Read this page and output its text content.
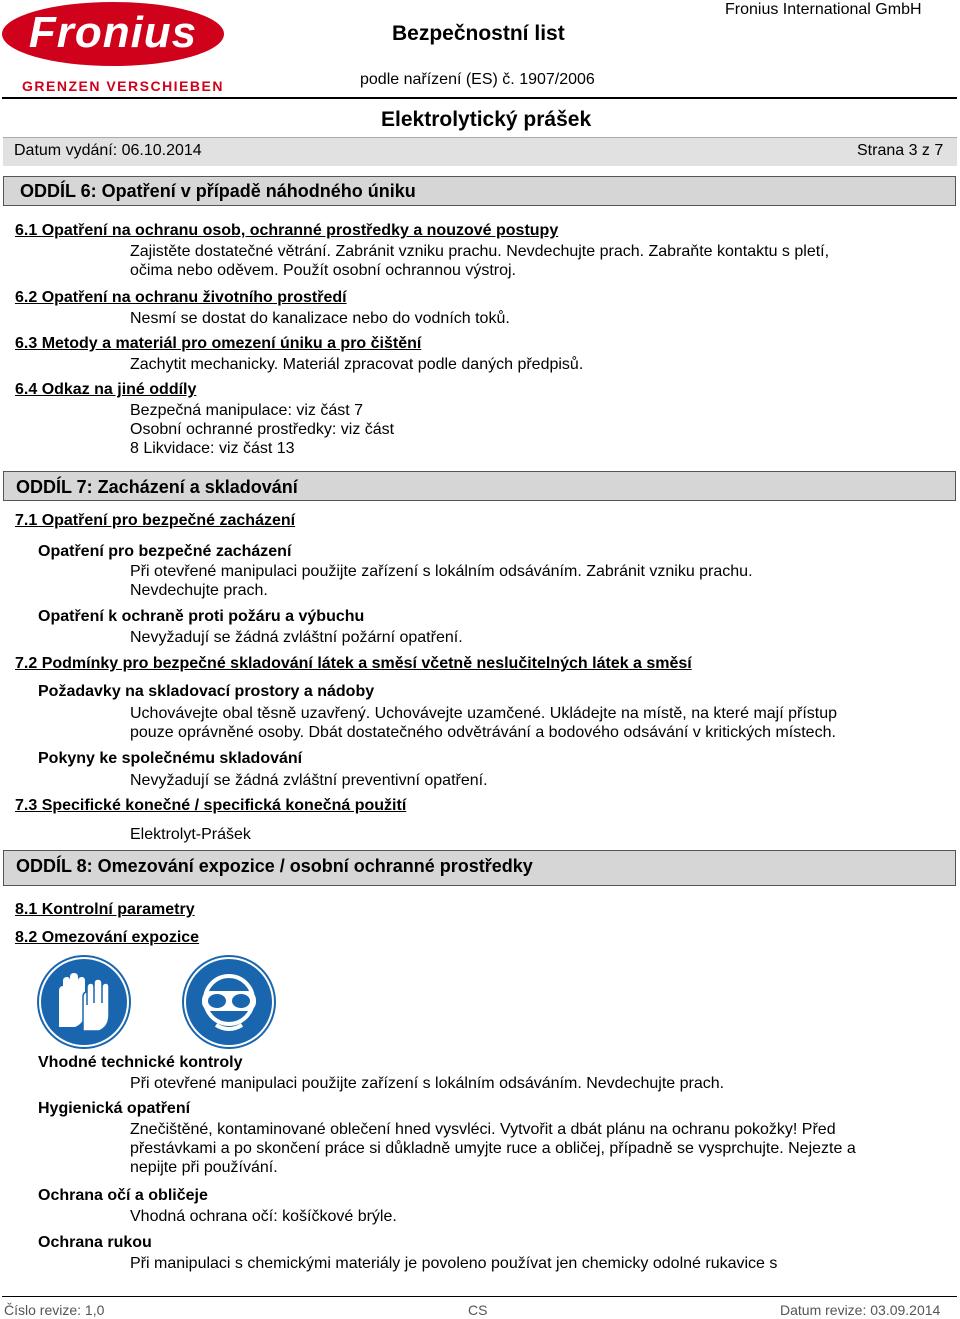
Fronius
GRENZEN VERSCHIEBEN
Bezpečnostní list
Fronius International GmbH
podle nařízení (ES) č. 1907/2006
Elektrolytický prášek
Datum vydání: 06.10.2014	Strana 3 z 7
ODDÍL 6: Opatření v případě náhodného úniku
6.1 Opatření na ochranu osob, ochranné prostředky a nouzové postupy
Zajistěte dostatečné větrání. Zabránit vzniku prachu. Nevdechujte prach. Zabraňte kontaktu s pletí,
očima nebo oděvem. Použít osobní ochrannou výstroj.
6.2 Opatření na ochranu životního prostředí
Nesmí se dostat do kanalizace nebo do vodních toků.
6.3 Metody a materiál pro omezení úniku a pro čištění
Zachytit mechanicky. Materiál zpracovat podle daných předpisů.
6.4 Odkaz na jiné oddíly
Bezpečná manipulace: viz část 7
Osobní ochranné prostředky: viz část
8 Likvidace: viz část 13
ODDÍL 7: Zacházení a skladování
7.1 Opatření pro bezpečné zacházení
Opatření pro bezpečné zacházení
Při otevřené manipulaci použijte zařízení s lokálním odsáváním. Zabránit vzniku prachu.
Nevdechujte prach.
Opatření k ochraně proti požáru a výbuchu
Nevyžadují se žádná zvláštní požární opatření.
7.2 Podmínky pro bezpečné skladování látek a směsí včetně neslučitelných látek a směsí
Požadavky na skladovací prostory a nádoby
Uchovávejte obal těsně uzavřený. Uchovávejte uzamčené. Ukládejte na místě, na které mají přístup
pouze oprávněné osoby. Dbát dostatečného odvětrávání a bodového odsávání v kritických místech.
Pokyny ke společnému skladování
Nevyžadují se žádná zvláštní preventivní opatření.
7.3 Specifické konečné / specifická konečná použití
Elektrolyt-Prášek
ODDÍL 8: Omezování expozice / osobní ochranné prostředky
8.1 Kontrolní parametry
8.2 Omezování expozice
Vhodné technické kontroly
Při otevřené manipulaci použijte zařízení s lokálním odsáváním. Nevdechujte prach.
Hygienická opatření
Znečištěné, kontaminované oblečení hned vysvléci. Vytvořit a dbát plánu na ochranu pokožky! Před
přestávkami a po skončení práce si důkladně umyjte ruce a obličej, případně se vysprchujte. Nejezte a
nepijte při používání.
Ochrana očí a obličeje
Vhodná ochrana očí: košíčkové brýle.
Ochrana rukou
Při manipulaci s chemickými materiály je povoleno používat jen chemicky odolné rukavice s
Číslo revize: 1,0	CS	Datum revize: 03.09.2014
